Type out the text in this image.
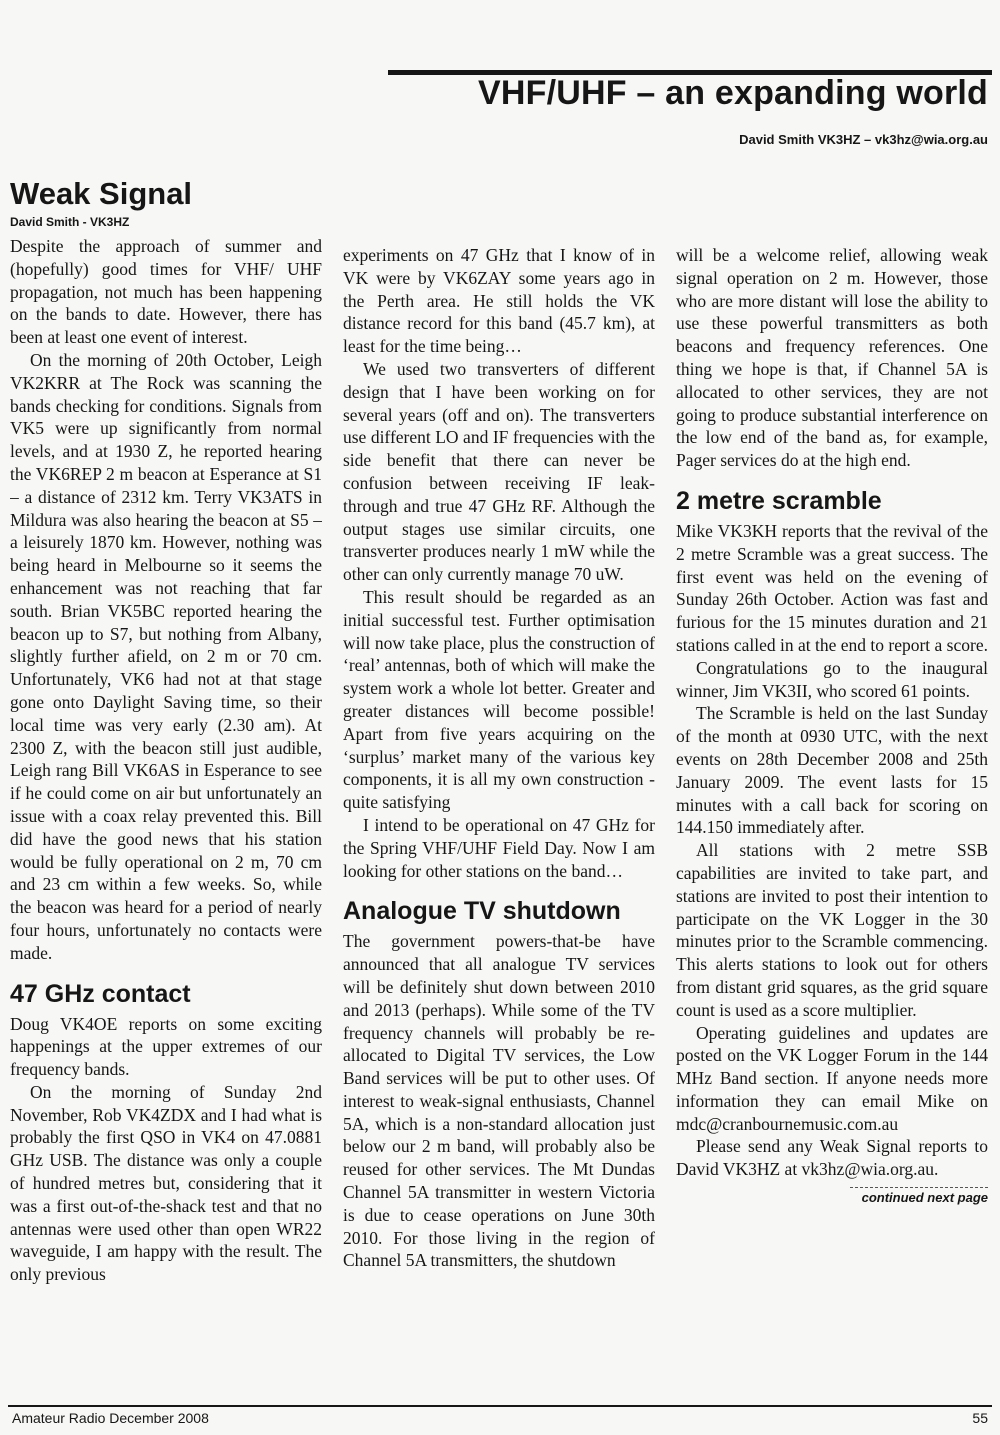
VHF/UHF – an expanding world
David Smith VK3HZ – vk3hz@wia.org.au
Weak Signal
David Smith - VK3HZ

Despite the approach of summer and (hopefully) good times for VHF/ UHF propagation, not much has been happening on the bands to date. However, there has been at least one event of interest.

On the morning of 20th October, Leigh VK2KRR at The Rock was scanning the bands checking for conditions. Signals from VK5 were up significantly from normal levels, and at 1930 Z, he reported hearing the VK6REP 2 m beacon at Esperance at S1 – a distance of 2312 km. Terry VK3ATS in Mildura was also hearing the beacon at S5 – a leisurely 1870 km. However, nothing was being heard in Melbourne so it seems the enhancement was not reaching that far south. Brian VK5BC reported hearing the beacon up to S7, but nothing from Albany, slightly further afield, on 2 m or 70 cm. Unfortunately, VK6 had not at that stage gone onto Daylight Saving time, so their local time was very early (2.30 am). At 2300 Z, with the beacon still just audible, Leigh rang Bill VK6AS in Esperance to see if he could come on air but unfortunately an issue with a coax relay prevented this. Bill did have the good news that his station would be fully operational on 2 m, 70 cm and 23 cm within a few weeks. So, while the beacon was heard for a period of nearly four hours, unfortunately no contacts were made.

47 GHz contact

Doug VK4OE reports on some exciting happenings at the upper extremes of our frequency bands.

On the morning of Sunday 2nd November, Rob VK4ZDX and I had what is probably the first QSO in VK4 on 47.0881 GHz USB. The distance was only a couple of hundred metres but, considering that it was a first out-of-the-shack test and that no antennas were used other than open WR22 waveguide, I am happy with the result. The only previous

experiments on 47 GHz that I know of in VK were by VK6ZAY some years ago in the Perth area. He still holds the VK distance record for this band (45.7 km), at least for the time being…

We used two transverters of different design that I have been working on for several years (off and on). The transverters use different LO and IF frequencies with the side benefit that there can never be confusion between receiving IF leak-through and true 47 GHz RF. Although the output stages use similar circuits, one transverter produces nearly 1 mW while the other can only currently manage 70 uW.

This result should be regarded as an initial successful test. Further optimisation will now take place, plus the construction of ‘real’ antennas, both of which will make the system work a whole lot better. Greater and greater distances will become possible! Apart from five years acquiring on the ‘surplus’ market many of the various key components, it is all my own construction - quite satisfying

I intend to be operational on 47 GHz for the Spring VHF/UHF Field Day. Now I am looking for other stations on the band…

Analogue TV shutdown

The government powers-that-be have announced that all analogue TV services will be definitely shut down between 2010 and 2013 (perhaps). While some of the TV frequency channels will probably be re-allocated to Digital TV services, the Low Band services will be put to other uses. Of interest to weak-signal enthusiasts, Channel 5A, which is a non-standard allocation just below our 2 m band, will probably also be reused for other services. The Mt Dundas Channel 5A transmitter in western Victoria is due to cease operations on June 30th 2010. For those living in the region of Channel 5A transmitters, the shutdown

will be a welcome relief, allowing weak signal operation on 2 m. However, those who are more distant will lose the ability to use these powerful transmitters as both beacons and frequency references. One thing we hope is that, if Channel 5A is allocated to other services, they are not going to produce substantial interference on the low end of the band as, for example, Pager services do at the high end.

2 metre scramble

Mike VK3KH reports that the revival of the 2 metre Scramble was a great success. The first event was held on the evening of Sunday 26th October. Action was fast and furious for the 15 minutes duration and 21 stations called in at the end to report a score.

Congratulations go to the inaugural winner, Jim VK3II, who scored 61 points.

The Scramble is held on the last Sunday of the month at 0930 UTC, with the next events on 28th December 2008 and 25th January 2009. The event lasts for 15 minutes with a call back for scoring on 144.150 immediately after.

All stations with 2 metre SSB capabilities are invited to take part, and stations are invited to post their intention to participate on the VK Logger in the 30 minutes prior to the Scramble commencing. This alerts stations to look out for others from distant grid squares, as the grid square count is used as a score multiplier.

Operating guidelines and updates are posted on the VK Logger Forum in the 144 MHz Band section. If anyone needs more information they can email Mike on mdc@cranbournemusic.com.au

Please send any Weak Signal reports to David VK3HZ at vk3hz@wia.org.au.

continued next page
Amateur Radio December 2008	55
